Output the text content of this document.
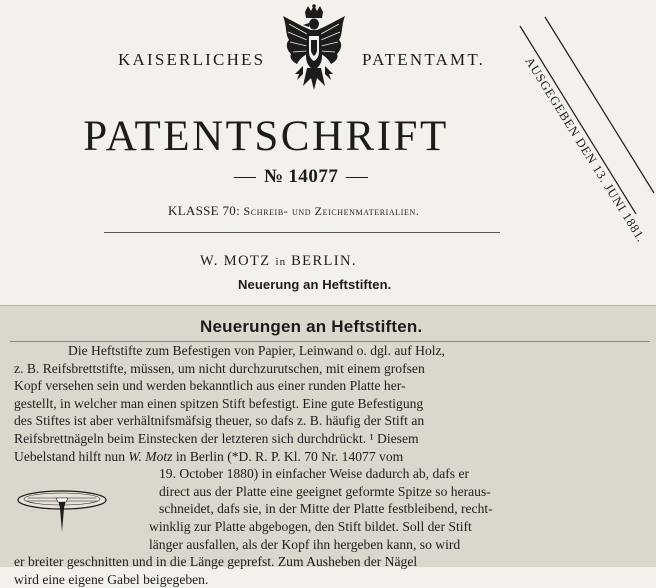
KAISERLICHES	PATENTAMT.	AUSGEGEBEN DEN 13. JUNI 1881.
PATENTSCHRIFT
№ 14077
KLASSE 70: Schreib- und Zeichenmaterialien.
W. MOTZ in BERLIN.
Neuerung an Heftstiften.
Neuerungen an Heftstiften.
Die Heftstifte zum Befestigen von Papier, Leinwand o. dgl. auf Holz,
z. B. Reifsbrettstifte, müssen, um nicht durchzurutschen, mit einem grofsen
Kopf versehen sein und werden bekanntlich aus einer runden Platte her-
gestellt, in welcher man einen spitzen Stift befestigt. Eine gute Befestigung
des Stiftes ist aber verhältnifsmäfsig theuer, so dafs z. B. häufig der Stift an
Reifsbrettnägeln beim Einstecken der letzteren sich durchdrückt. ¹ Diesem
Uebelstand hilft nun W. Motz in Berlin (*D. R. P. Kl. 70 Nr. 14077 vom
19. October 1880) in einfacher Weise dadurch ab, dafs er
direct aus der Platte eine geeignet geformte Spitze so heraus-
schneidet, dafs sie, in der Mitte der Platte festbleibend, recht-
winklig zur Platte abgebogen, den Stift bildet. Soll der Stift
länger ausfallen, als der Kopf ihn hergeben kann, so wird
er breiter geschnitten und in die Länge geprefst. Zum Ausheben der Nägel
wird eine eigene Gabel beigegeben.
